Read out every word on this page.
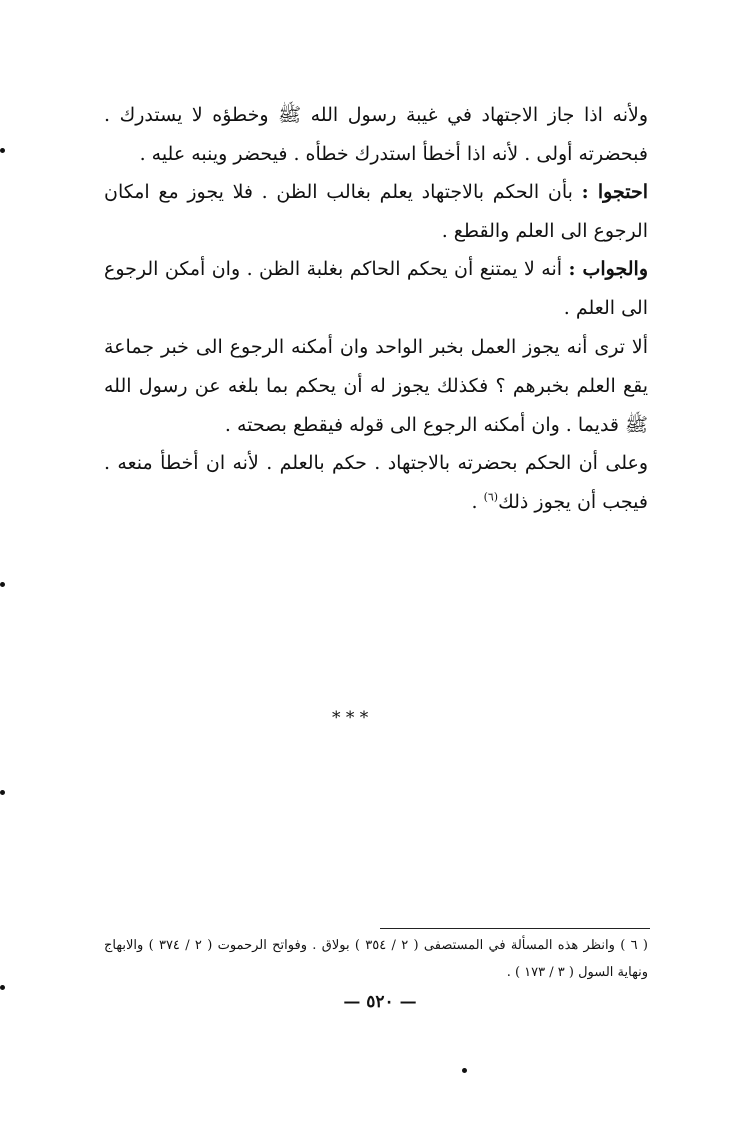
ولأنه اذا جاز الاجتهاد في غيبة رسول الله ﷺ وخطؤه لا يستدرك . فبحضرته أولى . لأنه اذا أخطأ استدرك خطأه . فيحضر وينبه عليه .
احتجوا : بأن الحكم بالاجتهاد يعلم بغالب الظن . فلا يجوز مع امكان الرجوع الى العلم والقطع .
والجواب : أنه لا يمتنع أن يحكم الحاكم بغلبة الظن . وان أمكن الرجوع الى العلم .
ألا ترى أنه يجوز العمل بخبر الواحد وان أمكنه الرجوع الى خبر جماعة يقع العلم بخبرهم ؟ فكذلك يجوز له أن يحكم بما بلغه عن رسول الله ﷺ قديما . وان أمكنه الرجوع الى قوله فيقطع بصحته .
وعلى أن الحكم بحضرته بالاجتهاد . حكم بالعلم . لأنه ان أخطأ منعه . فيجب أن يجوز ذلك$^{(٦)}$ .
* * *
( ٦ ) وانظر هذه المسألة في المستصفى ( ٢ / ٣٥٤ ) بولاق . وفواتح الرحموت ( ٢ / ٣٧٤ ) والابهاج ونهاية السول ( ٣ / ١٧٣ ) .
— ٥٢٠ —
